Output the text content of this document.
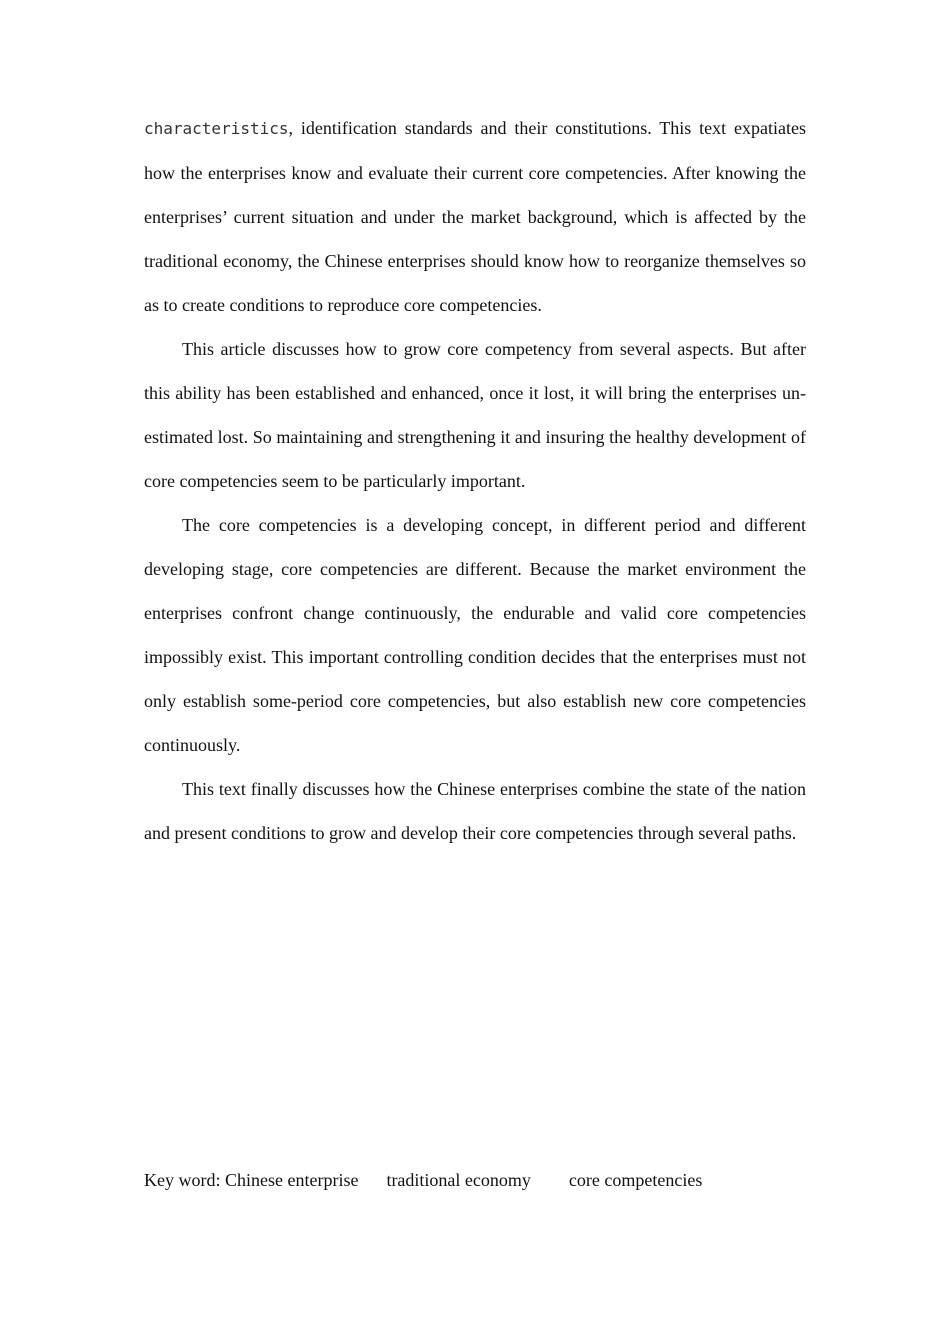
characteristics, identification standards and their constitutions. This text expatiates how the enterprises know and evaluate their current core competencies. After knowing the enterprises’ current situation and under the market background, which is affected by the traditional economy, the Chinese enterprises should know how to reorganize themselves so as to create conditions to reproduce core competencies.

This article discusses how to grow core competency from several aspects. But after this ability has been established and enhanced, once it lost, it will bring the enterprises un-estimated lost. So maintaining and strengthening it and insuring the healthy development of core competencies seem to be particularly important.

The core competencies is a developing concept, in different period and different developing stage, core competencies are different. Because the market environment the enterprises confront change continuously, the endurable and valid core competencies impossibly exist. This important controlling condition decides that the enterprises must not only establish some-period core competencies, but also establish new core competencies continuously.

This text finally discusses how the Chinese enterprises combine the state of the nation and present conditions to grow and develop their core competencies through several paths.

Key word: Chinese enterprise traditional economy core competencies
